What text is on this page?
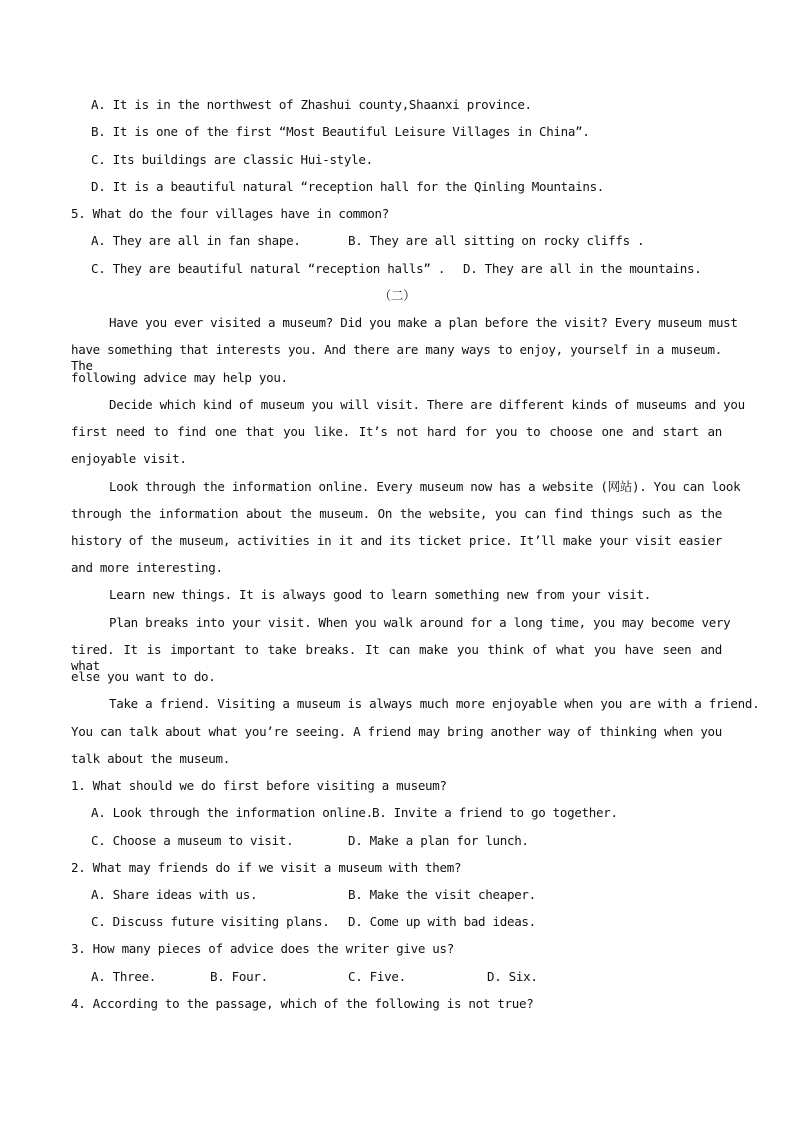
A. It is in the northwest of Zhashui county,Shaanxi province.
B. It is one of the first “Most Beautiful Leisure Villages in China”.
C. Its buildings are classic Hui-style.
D. It is a beautiful natural “reception hall for the Qinling Mountains.
5. What do the four villages have in common?
A. They are all in fan shape.	B. They are all sitting on rocky cliffs .
C. They are beautiful natural “reception halls” . D. They are all in the mountains.
（二）
Have you ever visited a museum? Did you make a plan before the visit? Every museum must
have something that interests you. And there are many ways to enjoy, yourself in a museum. The
following advice may help you.
Decide which kind of museum you will visit. There are different kinds of museums and you
first need to find one that you like. It’s not hard for you to choose one and start an
enjoyable visit.
Look through the information online. Every museum now has a website (网站). You can look
through the information about the museum. On the website, you can find things such as the
history of the museum, activities in it and its ticket price. It’ll make your visit easier
and more interesting.
Learn new things. It is always good to learn something new from your visit.
Plan breaks into your visit. When you walk around for a long time, you may become very
tired. It is important to take breaks. It can make you think of what you have seen and what
else you want to do.
Take a friend. Visiting a museum is always much more enjoyable when you are with a friend.
You can talk about what you’re seeing. A friend may bring another way of thinking when you
talk about the museum.
1. What should we do first before visiting a museum?
A. Look through the information online. B. Invite a friend to go together.
C. Choose a museum to visit.	D. Make a plan for lunch.
2. What may friends do if we visit a museum with them?
A. Share ideas with us.	B. Make the visit cheaper.
C. Discuss future visiting plans. D. Come up with bad ideas.
3. How many pieces of advice does the writer give us?
A. Three.	B. Four.	C. Five.	D. Six.
4. According to the passage, which of the following is not true?
